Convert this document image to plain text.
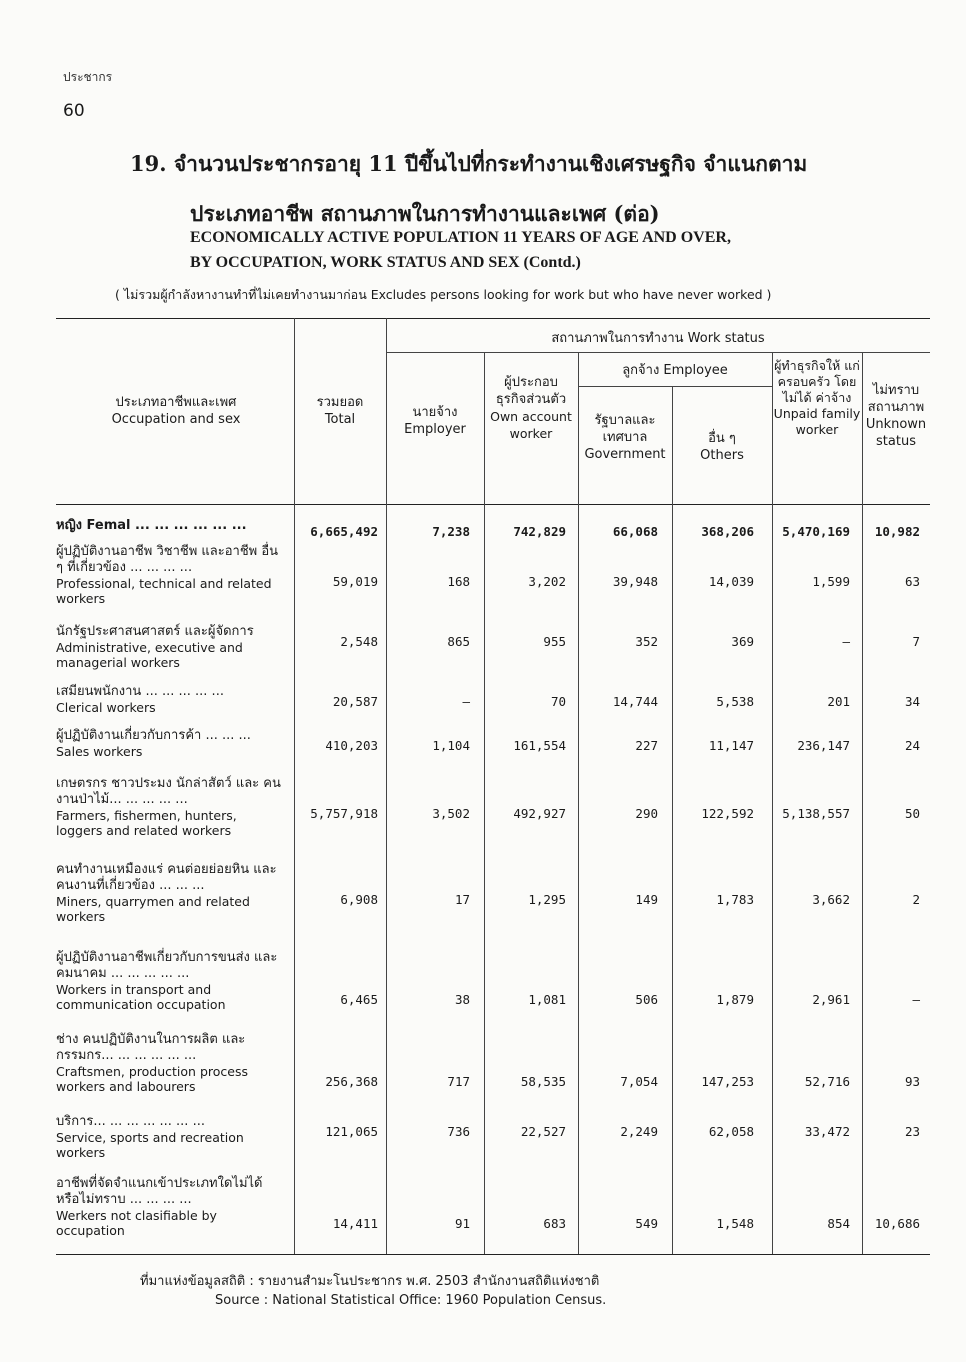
ประชากร
60
19. จำนวนประชากรอายุ 11 ปีขึ้นไปที่กระทำงานเชิงเศรษฐกิจ จำแนกตาม
ประเภทอาชีพ สถานภาพในการทำงานและเพศ (ต่อ)
ECONOMICALLY ACTIVE POPULATION 11 YEARS OF AGE AND OVER,
BY OCCUPATION, WORK STATUS AND SEX (Contd.)
( ไม่รวมผู้กำลังหางานทำที่ไม่เคยทำงานมาก่อน Excludes persons looking for work but who have never worked )
ประเภทอาชีพและเพศ
Occupation and sex
รวมยอด
Total
สถานภาพในการทำงาน Work status
นายจ้าง
Employer
ผู้ประกอบ ธุรกิจส่วนตัว
Own account worker
ลูกจ้าง Employee
รัฐบาลและ เทศบาล
Government
อื่น ๆ
Others
ผู้ทำธุรกิจให้ แก่ครอบครัว โดยไม่ได้ ค่าจ้าง
Unpaid family worker
ไม่ทราบ สถานภาพ
Unknown status
หญิง Femal ... ... ... ... ... ...	6,665,492	7,238	742,829	66,068	368,206	5,470,169	10,982
ผู้ปฏิบัติงานอาชีพ วิชาชีพ และอาชีพ อื่น ๆ ที่เกี่ยวข้อง ... ... ... ...
Professional, technical and related workers
59,019	168	3,202	39,948	14,039	1,599	63
นักรัฐประศาสนศาสตร์ และผู้จัดการ
Administrative, executive and managerial workers
2,548	865	955	352	369	—	7
เสมียนพนักงาน ... ... ... ... ...
Clerical workers	20,587	—	70	14,744	5,538	201	34
ผู้ปฏิบัติงานเกี่ยวกับการค้า ... ... ...
Sales workers	410,203	1,104	161,554	227	11,147	236,147	24
เกษตรกร ชาวประมง นักล่าสัตว์ และ คนงานป่าไม้... ... ... ... ...
Farmers, fishermen, hunters, loggers and related workers
5,757,918	3,502	492,927	290	122,592	5,138,557	50
คนทำงานเหมืองแร่ คนต่อยย่อยหิน และคนงานที่เกี่ยวข้อง ... ... ...
Miners, quarrymen and related workers
6,908	17	1,295	149	1,783	3,662	2
ผู้ปฏิบัติงานอาชีพเกี่ยวกับการขนส่ง และคมนาคม ... ... ... ... ...
Workers in transport and communication occupation	6,465	38	1,081	506	1,879	2,961	—
ช่าง คนปฏิบัติงานในการผลิต และ กรรมกร... ... ... ... ... ...
Craftsmen, production process workers and labourers	256,368	717	58,535	7,054	147,253	52,716	93
บริการ... ... ... ... ... ... ...
Service, sports and recreation workers
121,065	736	22,527	2,249	62,058	33,472	23
อาชีพที่จัดจำแนกเข้าประเภทใดไม่ได้ หรือไม่ทราบ ... ... ... ...
Werkers not clasifiable by occupation	14,411	91	683	549	1,548	854	10,686
ที่มาแห่งข้อมูลสถิติ : รายงานสำมะโนประชากร พ.ศ. 2503 สำนักงานสถิติแห่งชาติ
Source : National Statistical Office: 1960 Population Census.
